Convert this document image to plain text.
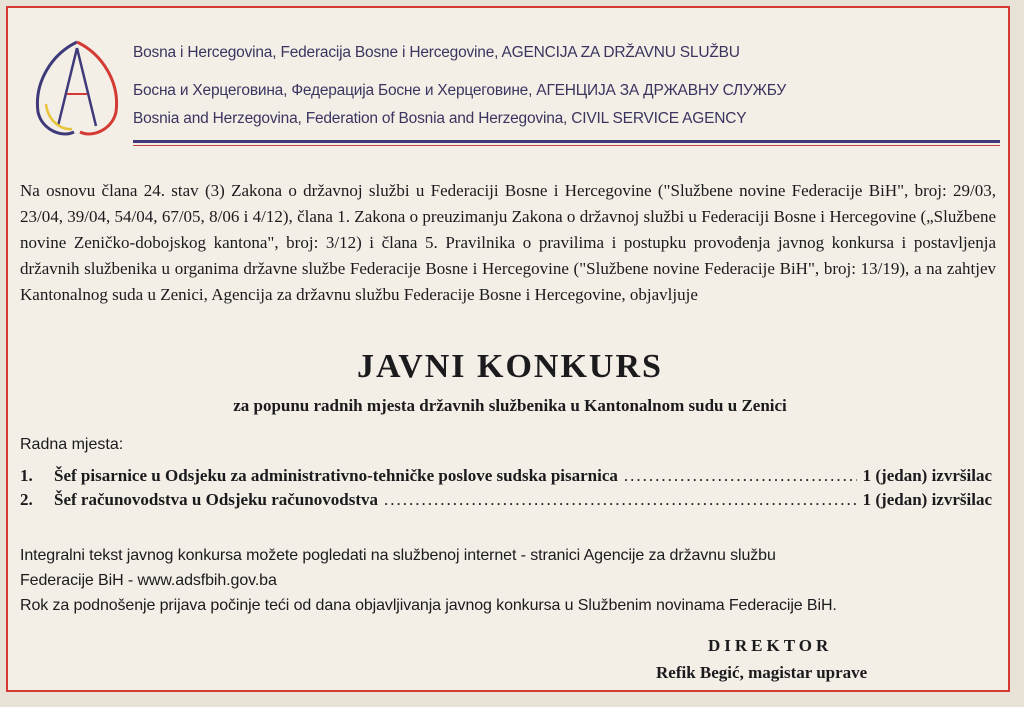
Bosna i Hercegovina, Federacija Bosne i Hercegovine, AGENCIJA ZA DRŽAVNU SLUŽBU
Босна и Херцеговина, Федерација Босне и Херцеговине, АГЕНЦИЈА ЗА ДРЖАВНУ СЛУЖБУ
Bosnia and Herzegovina, Federation of Bosnia and Herzegovina, CIVIL SERVICE AGENCY
Na osnovu člana 24. stav (3) Zakona o državnoj službi u Federaciji Bosne i Hercegovine ("Službene novine Federacije BiH", broj: 29/03, 23/04, 39/04, 54/04, 67/05, 8/06 i 4/12), člana 1. Zakona o preuzimanju Zakona o državnoj službi u Federaciji Bosne i Hercegovine („Službene novine Zeničko-dobojskog kantona", broj: 3/12) i člana 5. Pravilnika o pravilima i postupku provođenja javnog konkursa i postavljenja državnih službenika u organima državne službe Federacije Bosne i Hercegovine ("Službene novine Federacije BiH", broj: 13/19), a na zahtjev Kantonalnog suda u Zenici, Agencija za državnu službu Federacije Bosne i Hercegovine, objavljuje
JAVNI KONKURS
za popunu radnih mjesta državnih službenika u Kantonalnom sudu u Zenici
Radna mjesta:
1.	Šef pisarnice u Odsjeku za administrativno-tehničke poslove sudska pisarnica .....	1 (jedan) izvršilac
2.	Šef računovodstva u Odsjeku računovodstva .....	1 (jedan) izvršilac
Integralni tekst javnog konkursa možete pogledati na službenoj internet - stranici Agencije za državnu službu
Federacije BiH - www.adsfbih.gov.ba
Rok za podnošenje prijava počinje teći od dana objavljivanja javnog konkursa u Službenim novinama Federacije BiH.
DIREKTOR
Refik Begić, magistar uprave
